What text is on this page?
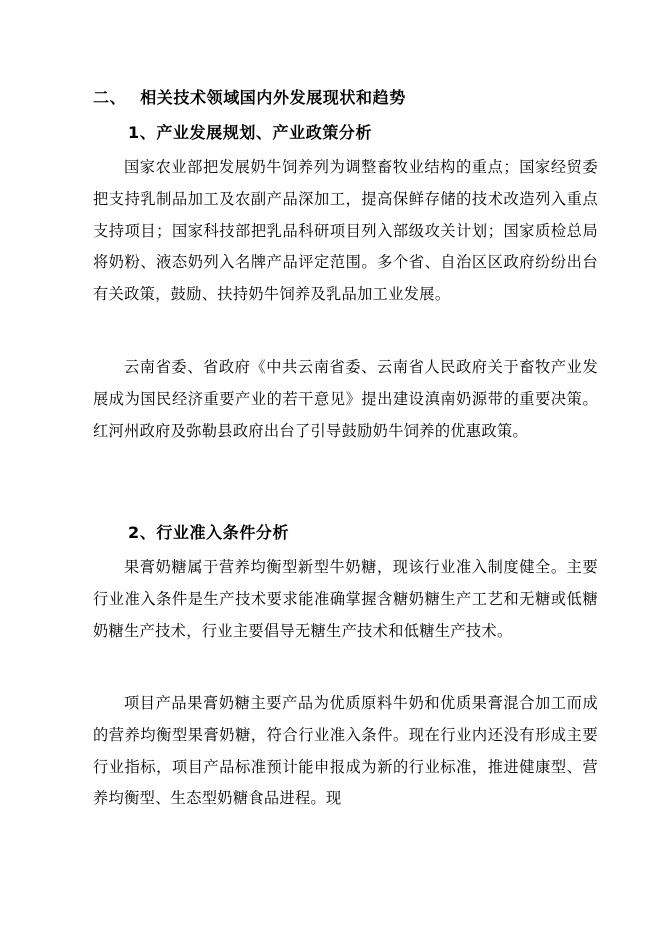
二、 相关技术领域国内外发展现状和趋势
1、产业发展规划、产业政策分析

国家农业部把发展奶牛饲养列为调整畜牧业结构的重点；国家经贸委把支持乳制品加工及农副产品深加工，提高保鲜存储的技术改造列入重点支持项目；国家科技部把乳品科研项目列入部级攻关计划；国家质检总局将奶粉、液态奶列入名牌产品评定范围。多个省、自治区区政府纷纷出台有关政策，鼓励、扶持奶牛饲养及乳品加工业发展。

云南省委、省政府《中共云南省委、云南省人民政府关于畜牧产业发展成为国民经济重要产业的若干意见》提出建设滇南奶源带的重要决策。红河州政府及弥勒县政府出台了引导鼓励奶牛饲养的优惠政策。

2、行业准入条件分析

果膏奶糖属于营养均衡型新型牛奶糖，现该行业准入制度健全。主要行业准入条件是生产技术要求能准确掌握含糖奶糖生产工艺和无糖或低糖奶糖生产技术，行业主要倡导无糖生产技术和低糖生产技术。

项目产品果膏奶糖主要产品为优质原料牛奶和优质果膏混合加工而成的营养均衡型果膏奶糖，符合行业准入条件。现在行业内还没有形成主要行业指标，项目产品标准预计能申报成为新的行业标准，推进健康型、营养均衡型、生态型奶糖食品进程。现
